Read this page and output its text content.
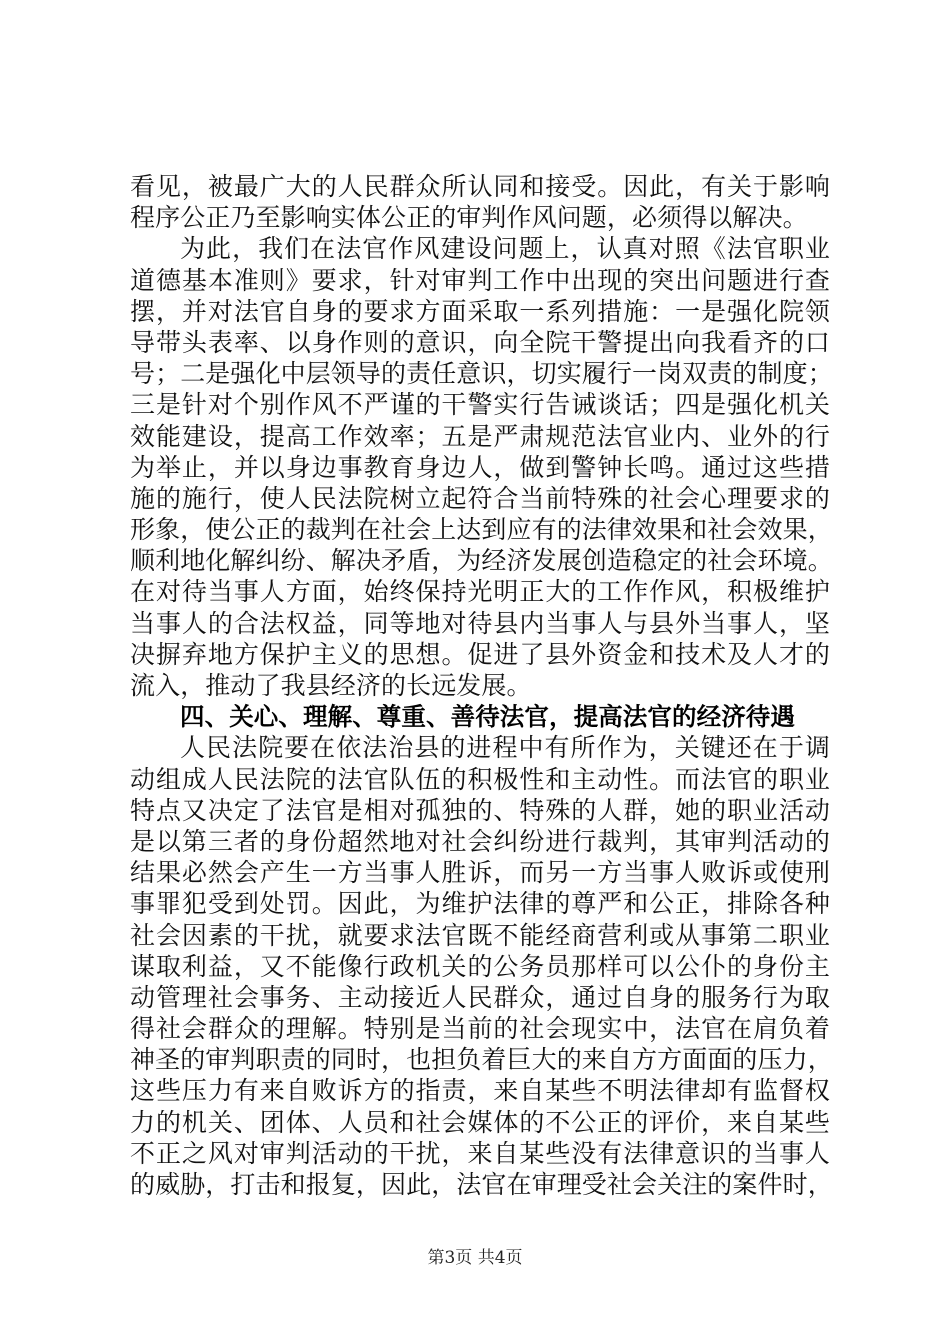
看见，被最广大的人民群众所认同和接受。因此，有关于影响
程序公正乃至影响实体公正的审判作风问题，必须得以解决。
为此，我们在法官作风建设问题上，认真对照《法官职业
道德基本准则》要求，针对审判工作中出现的突出问题进行查
摆，并对法官自身的要求方面采取一系列措施：一是强化院领
导带头表率、以身作则的意识，向全院干警提出向我看齐的口
号；二是强化中层领导的责任意识，切实履行一岗双责的制度；
三是针对个别作风不严谨的干警实行告诫谈话；四是强化机关
效能建设，提高工作效率；五是严肃规范法官业内、业外的行
为举止，并以身边事教育身边人，做到警钟长鸣。通过这些措
施的施行，使人民法院树立起符合当前特殊的社会心理要求的
形象，使公正的裁判在社会上达到应有的法律效果和社会效果，
顺利地化解纠纷、解决矛盾，为经济发展创造稳定的社会环境。
在对待当事人方面，始终保持光明正大的工作作风，积极维护
当事人的合法权益，同等地对待县内当事人与县外当事人，坚
决摒弃地方保护主义的思想。促进了县外资金和技术及人才的
流入，推动了我县经济的长远发展。
四、关心、理解、尊重、善待法官，提高法官的经济待遇
人民法院要在依法治县的进程中有所作为，关键还在于调
动组成人民法院的法官队伍的积极性和主动性。而法官的职业
特点又决定了法官是相对孤独的、特殊的人群，她的职业活动
是以第三者的身份超然地对社会纠纷进行裁判，其审判活动的
结果必然会产生一方当事人胜诉，而另一方当事人败诉或使刑
事罪犯受到处罚。因此，为维护法律的尊严和公正，排除各种
社会因素的干扰，就要求法官既不能经商营利或从事第二职业
谋取利益，又不能像行政机关的公务员那样可以公仆的身份主
动管理社会事务、主动接近人民群众，通过自身的服务行为取
得社会群众的理解。特别是当前的社会现实中，法官在肩负着
神圣的审判职责的同时，也担负着巨大的来自方方面面的压力，
这些压力有来自败诉方的指责，来自某些不明法律却有监督权
力的机关、团体、人员和社会媒体的不公正的评价，来自某些
不正之风对审判活动的干扰，来自某些没有法律意识的当事人
的威胁，打击和报复，因此，法官在审理受社会关注的案件时，
第3页 共4页
